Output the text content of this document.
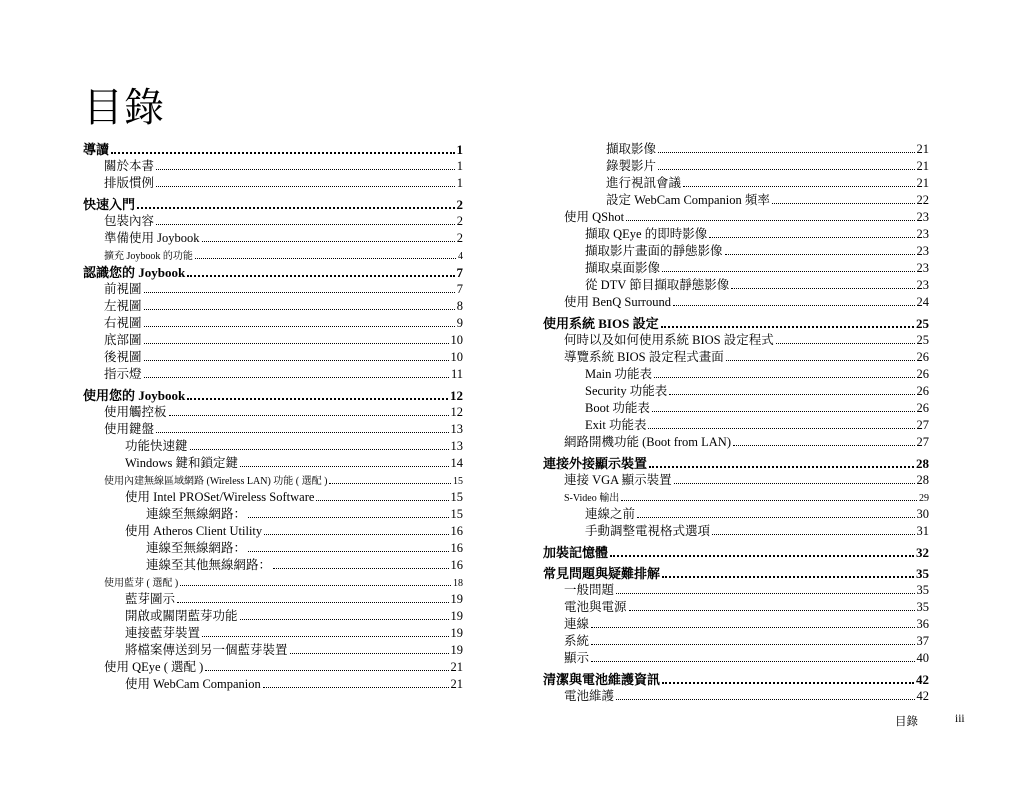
目錄
導讀	1
關於本書	1
排版慣例	1
快速入門	2
包裝內容	2
準備使用 Joybook	2
擴充 Joybook 的功能	4
認識您的 Joybook	7
前視圖	7
左視圖	8
右視圖	9
底部圖	10
後視圖	10
指示燈	11
使用您的 Joybook	12
使用觸控板	12
使用鍵盤	13
功能快速鍵	13
Windows 鍵和鎖定鍵	14
使用內建無線區域網路 (Wireless LAN) 功能 ( 選配 )	15
使用 Intel PROSet/Wireless Software	15
連線至無線網路：	15
使用 Atheros Client Utility	16
連線至無線網路：	16
連線至其他無線網路：	16
使用藍芽 ( 選配 )	18
藍芽圖示	19
開啟或關閉藍芽功能	19
連接藍芽裝置	19
將檔案傳送到另一個藍芽裝置	19
使用 QEye ( 選配 )	21
使用 WebCam Companion	21
擷取影像	21
錄製影片	21
進行視訊會議	21
設定 WebCam Companion 頻率	22
使用 QShot	23
擷取 QEye 的即時影像	23
擷取影片畫面的靜態影像	23
擷取桌面影像	23
從 DTV 節目擷取靜態影像	23
使用 BenQ Surround	24
使用系統 BIOS 設定	25
何時以及如何使用系統 BIOS 設定程式	25
導覽系統 BIOS 設定程式畫面	26
Main 功能表	26
Security 功能表	26
Boot 功能表	26
Exit 功能表	27
網路開機功能 (Boot from LAN)	27
連接外接顯示裝置	28
連接 VGA 顯示裝置	28
S-Video 輸出	29
連線之前	30
手動調整電視格式選項	31
加裝記憶體	32
常見問題與疑難排解	35
一般問題	35
電池與電源	35
連線	36
系統	37
顯示	40
清潔與電池維護資訊	42
電池維護	42
目錄	iii
